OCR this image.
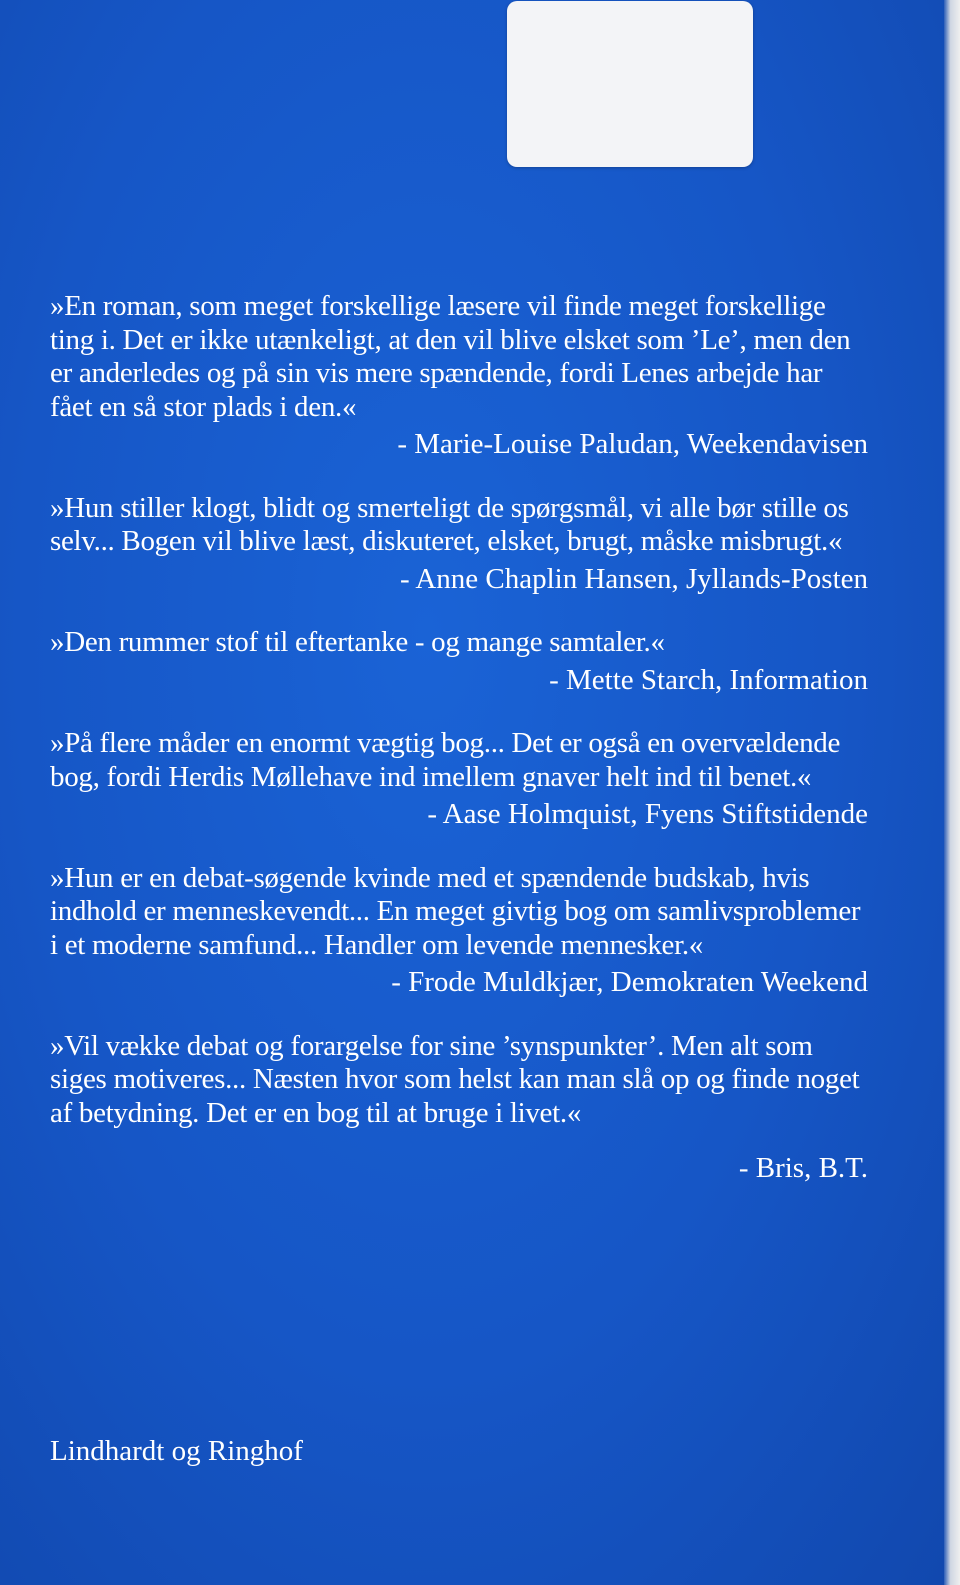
»En roman, som meget forskellige læsere vil finde meget forskellige ting i. Det er ikke utænkeligt, at den vil blive elsket som ’Le’, men den er anderledes og på sin vis mere spændende, fordi Lenes arbejde har fået en så stor plads i den.«

- Marie-Louise Paludan, Weekendavisen

»Hun stiller klogt, blidt og smerteligt de spørgsmål, vi alle bør stille os selv... Bogen vil blive læst, diskuteret, elsket, brugt, måske misbrugt.«

- Anne Chaplin Hansen, Jyllands-Posten

»Den rummer stof til eftertanke - og mange samtaler.«

- Mette Starch, Information

»På flere måder en enormt vægtig bog... Det er også en overvældende bog, fordi Herdis Møllehave ind imellem gnaver helt ind til benet.«

- Aase Holmquist, Fyens Stiftstidende

»Hun er en debat-søgende kvinde med et spændende budskab, hvis indhold er menneskevendt... En meget givtig bog om samlivsproblemer i et moderne samfund... Handler om levende mennesker.«

- Frode Muldkjær, Demokraten Weekend

»Vil vække debat og forargelse for sine ’synspunkter’. Men alt som siges motiveres... Næsten hvor som helst kan man slå op og finde noget af betydning. Det er en bog til at bruge i livet.«

- Bris, B.T.

Lindhardt og Ringhof
